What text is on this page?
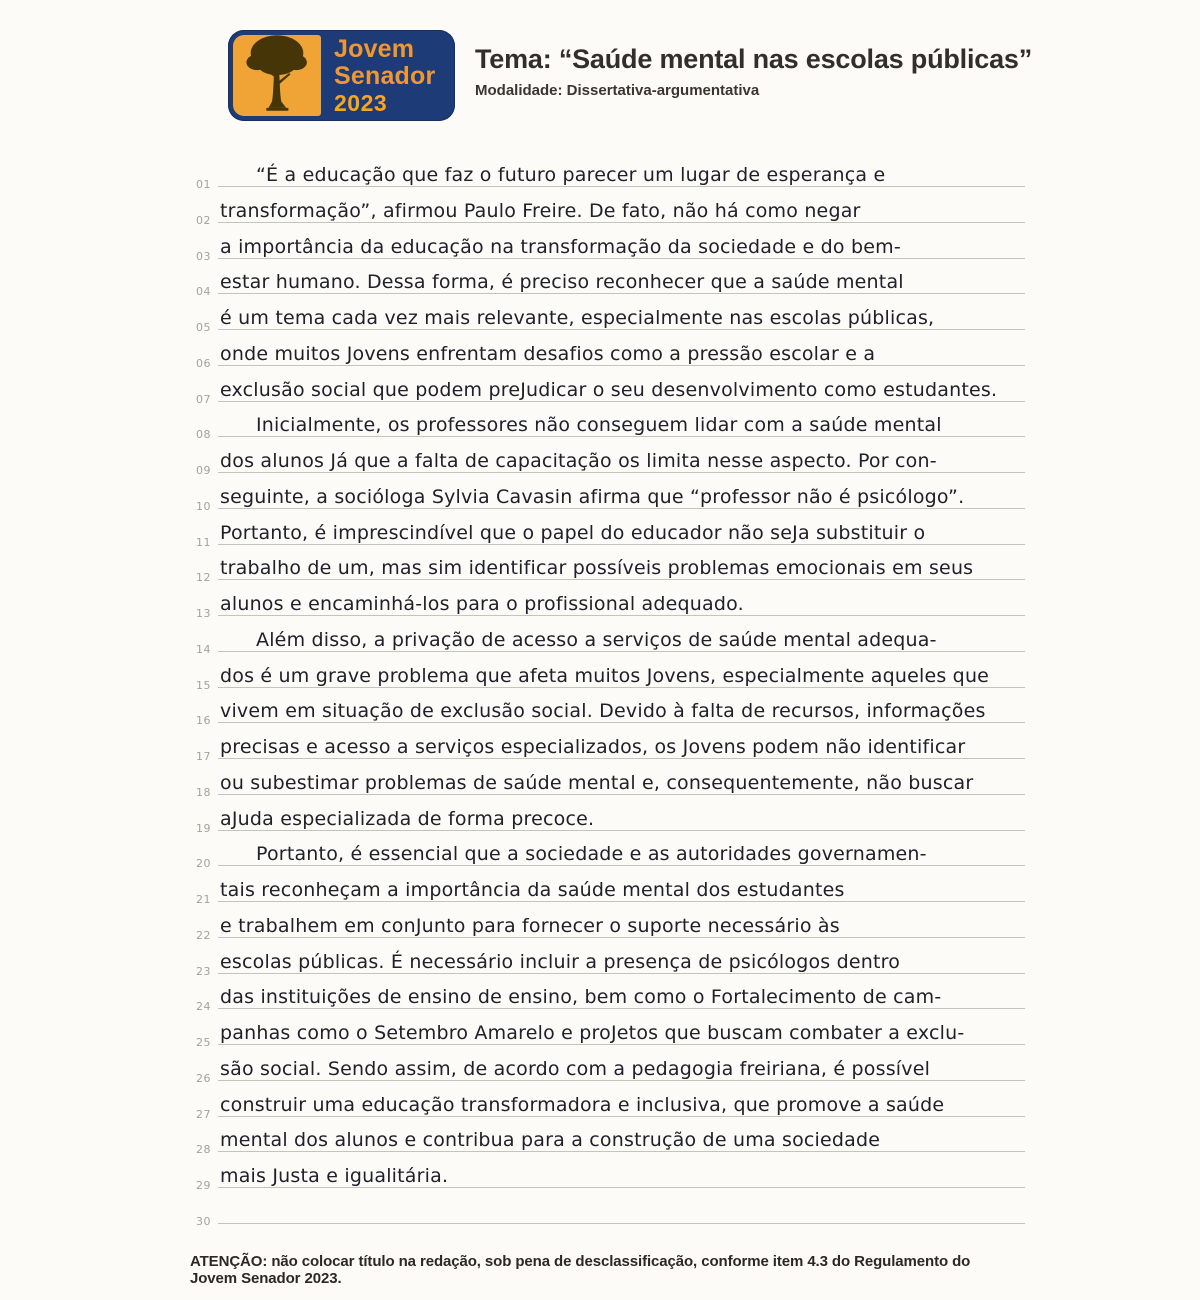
Jovem
Senador
2023
Tema: “Saúde mental nas escolas públicas”
Modalidade: Dissertativa-argumentativa
01	“É a educação que faz o futuro parecer um lugar de esperança e
02 transformação”, afirmou Paulo Freire. De fato, não há como negar
03 a importância da educação na transformação da sociedade e do bem-
04 estar humano. Dessa forma, é preciso reconhecer que a saúde mental
05 é um tema cada vez mais relevante, especialmente nas escolas públicas,
06 onde muitos Jovens enfrentam desafios como a pressão escolar e a
07 exclusão social que podem preJudicar o seu desenvolvimento como estudantes.
08	Inicialmente, os professores não conseguem lidar com a saúde mental
09 dos alunos Já que a falta de capacitação os limita nesse aspecto. Por con-
10 seguinte, a socióloga Sylvia Cavasin afirma que “professor não é psicólogo”.
11 Portanto, é imprescindível que o papel do educador não seJa substituir o
12 trabalho de um, mas sim identificar possíveis problemas emocionais em seus
13 alunos e encaminhá-los para o profissional adequado.
14	Além disso, a privação de acesso a serviços de saúde mental adequa-
15 dos é um grave problema que afeta muitos Jovens, especialmente aqueles que
16 vivem em situação de exclusão social. Devido à falta de recursos, informações
17 precisas e acesso a serviços especializados, os Jovens podem não identificar
18 ou subestimar problemas de saúde mental e, consequentemente, não buscar
19 aJuda especializada de forma precoce.
20	Portanto, é essencial que a sociedade e as autoridades governamen-
21 tais reconheçam a importância da saúde mental dos estudantes
22 e trabalhem em conJunto para fornecer o suporte necessário às
23 escolas públicas. É necessário incluir a presença de psicólogos dentro
24 das instituições de ensino de ensino, bem como o Fortalecimento de cam-
25 panhas como o Setembro Amarelo e proJetos que buscam combater a exclu-
26 são social. Sendo assim, de acordo com a pedagogia freiriana, é possível
27 construir uma educação transformadora e inclusiva, que promove a saúde
28 mental dos alunos e contribua para a construção de uma sociedade
29 mais Justa e igualitária.
30
ATENÇÃO: não colocar título na redação, sob pena de desclassificação, conforme item 4.3 do Regulamento do Jovem Senador 2023.
